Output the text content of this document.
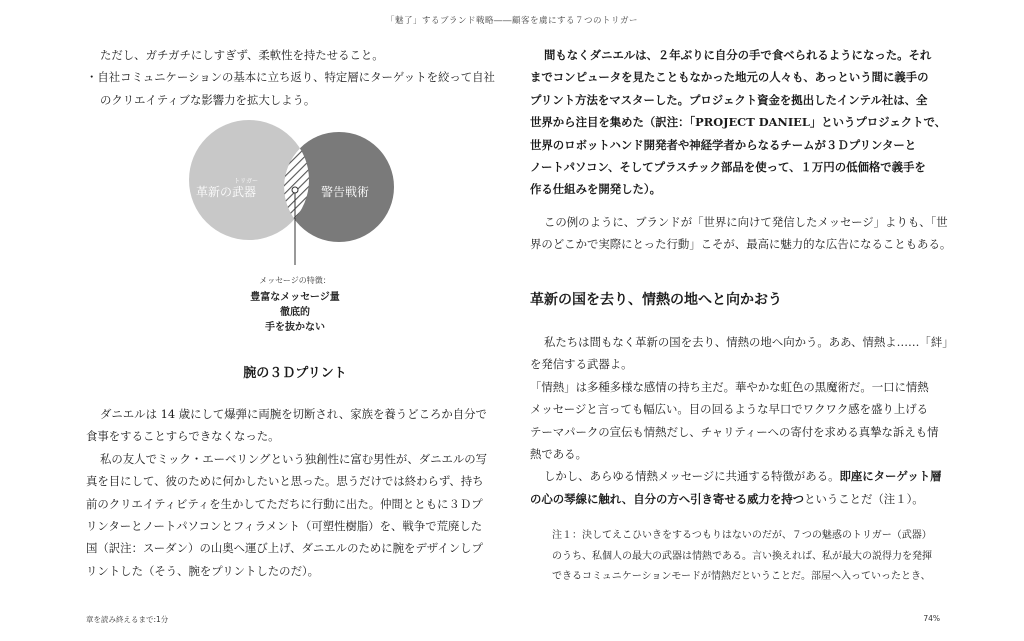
「魅了」するブランド戦略――顧客を虜にする７つのトリガー
ただし、ガチガチにしすぎず、柔軟性を持たせること。
・自社コミュニケーションの基本に立ち返り、特定層にターゲットを絞って自社
のクリエイティブな影響力を拡大しよう。
トリガー
革新の武器	警告戦術
メッセージの特徴：
豊富なメッセージ量
徹底的
手を抜かない
腕の３Ｄプリント
ダニエルは 14 歳にして爆弾に両腕を切断され、家族を養うどころか自分で
食事をすることすらできなくなった。
私の友人でミック・エーベリングという独創性に富む男性が、ダニエルの写
真を目にして、彼のために何かしたいと思った。思うだけでは終わらず、持ち
前のクリエイティビティを生かしてただちに行動に出た。仲間とともに３Ｄプ
リンターとノートパソコンとフィラメント（可塑性樹脂）を、戦争で荒廃した
国（訳注：スーダン）の山奥へ運び上げ、ダニエルのために腕をデザインしプ
リントした（そう、腕をプリントしたのだ）。
間もなくダニエルは、２年ぶりに自分の手で食べられるようになった。それ
までコンピュータを見たこともなかった地元の人々も、あっという間に義手の
プリント方法をマスターした。プロジェクト資金を拠出したインテル社は、全
世界から注目を集めた（訳注：「PROJECT DANIEL」というプロジェクトで、
世界のロボットハンド開発者や神経学者からなるチームが３Ｄプリンターと
ノートパソコン、そしてプラスチック部品を使って、１万円の低価格で義手を
作る仕組みを開発した）。
この例のように、ブランドが「世界に向けて発信したメッセージ」よりも、「世
界のどこかで実際にとった行動」こそが、最高に魅力的な広告になることもある。
革新の国を去り、情熱の地へと向かおう
私たちは間もなく革新の国を去り、情熱の地へ向かう。ああ、情熱よ……「絆」
を発信する武器よ。
「情熱」は多種多様な感情の持ち主だ。華やかな虹色の黒魔術だ。一口に情熱
メッセージと言っても幅広い。目の回るような早口でワクワク感を盛り上げる
テーマパークの宣伝も情熱だし、チャリティーへの寄付を求める真摯な訴えも情
熱である。
しかし、あらゆる情熱メッセージに共通する特徴がある。即座にターゲット層
の心の琴線に触れ、自分の方へ引き寄せる威力を持つということだ（注１）。
注１：決してえこひいきをするつもりはないのだが、７つの魅惑のトリガー（武器）
のうち、私個人の最大の武器は情熱である。言い換えれば、私が最大の説得力を発揮
できるコミュニケーションモードが情熱だということだ。部屋へ入っていったとき、
章を読み終えるまで:1分	74%
